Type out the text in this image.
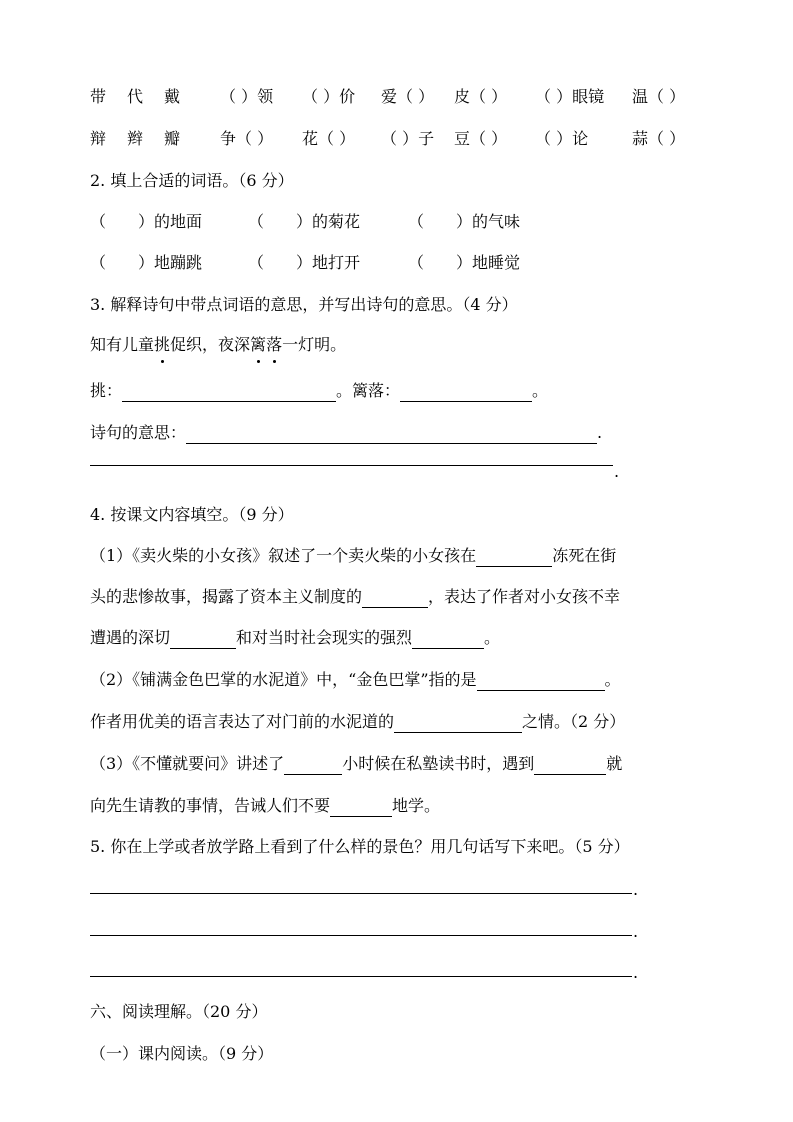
带	代	戴	（ ）领	（ ）价	爱（ ）	皮（ ）	（ ）眼镜	温（ ）
辩	辫	瓣	争（ ）	花（ ）	（ ）子	豆（ ）	（ ）论	蒜（ ）
2. 填上合适的词语。（6 分）
（　　）的地面	（　　）的菊花	（　　）的气味
（　　）地蹦跳	（　　）地打开	（　　）地睡觉
3. 解释诗句中带点词语的意思，并写出诗句的意思。（4 分）
知有儿童挑促织，夜深篱落一灯明。
挑：	。篱落：	。
诗句的意思：	.
.
4. 按课文内容填空。（9 分）
（1）《卖火柴的小女孩》叙述了一个卖火柴的小女孩在	冻死在街
头的悲惨故事，揭露了资本主义制度的	，表达了作者对小女孩不幸
遭遇的深切	和对当时社会现实的强烈	。
（2）《铺满金色巴掌的水泥道》中，“金色巴掌”指的是	。
作者用优美的语言表达了对门前的水泥道的	之情。（2 分）
（3）《不懂就要问》讲述了	小时候在私塾读书时，遇到	就
向先生请教的事情，告诫人们不要	地学。
5. 你在上学或者放学路上看到了什么样的景色？用几句话写下来吧。（5 分）
.
.
.
六、阅读理解。（20 分）
（一）课内阅读。（9 分）
